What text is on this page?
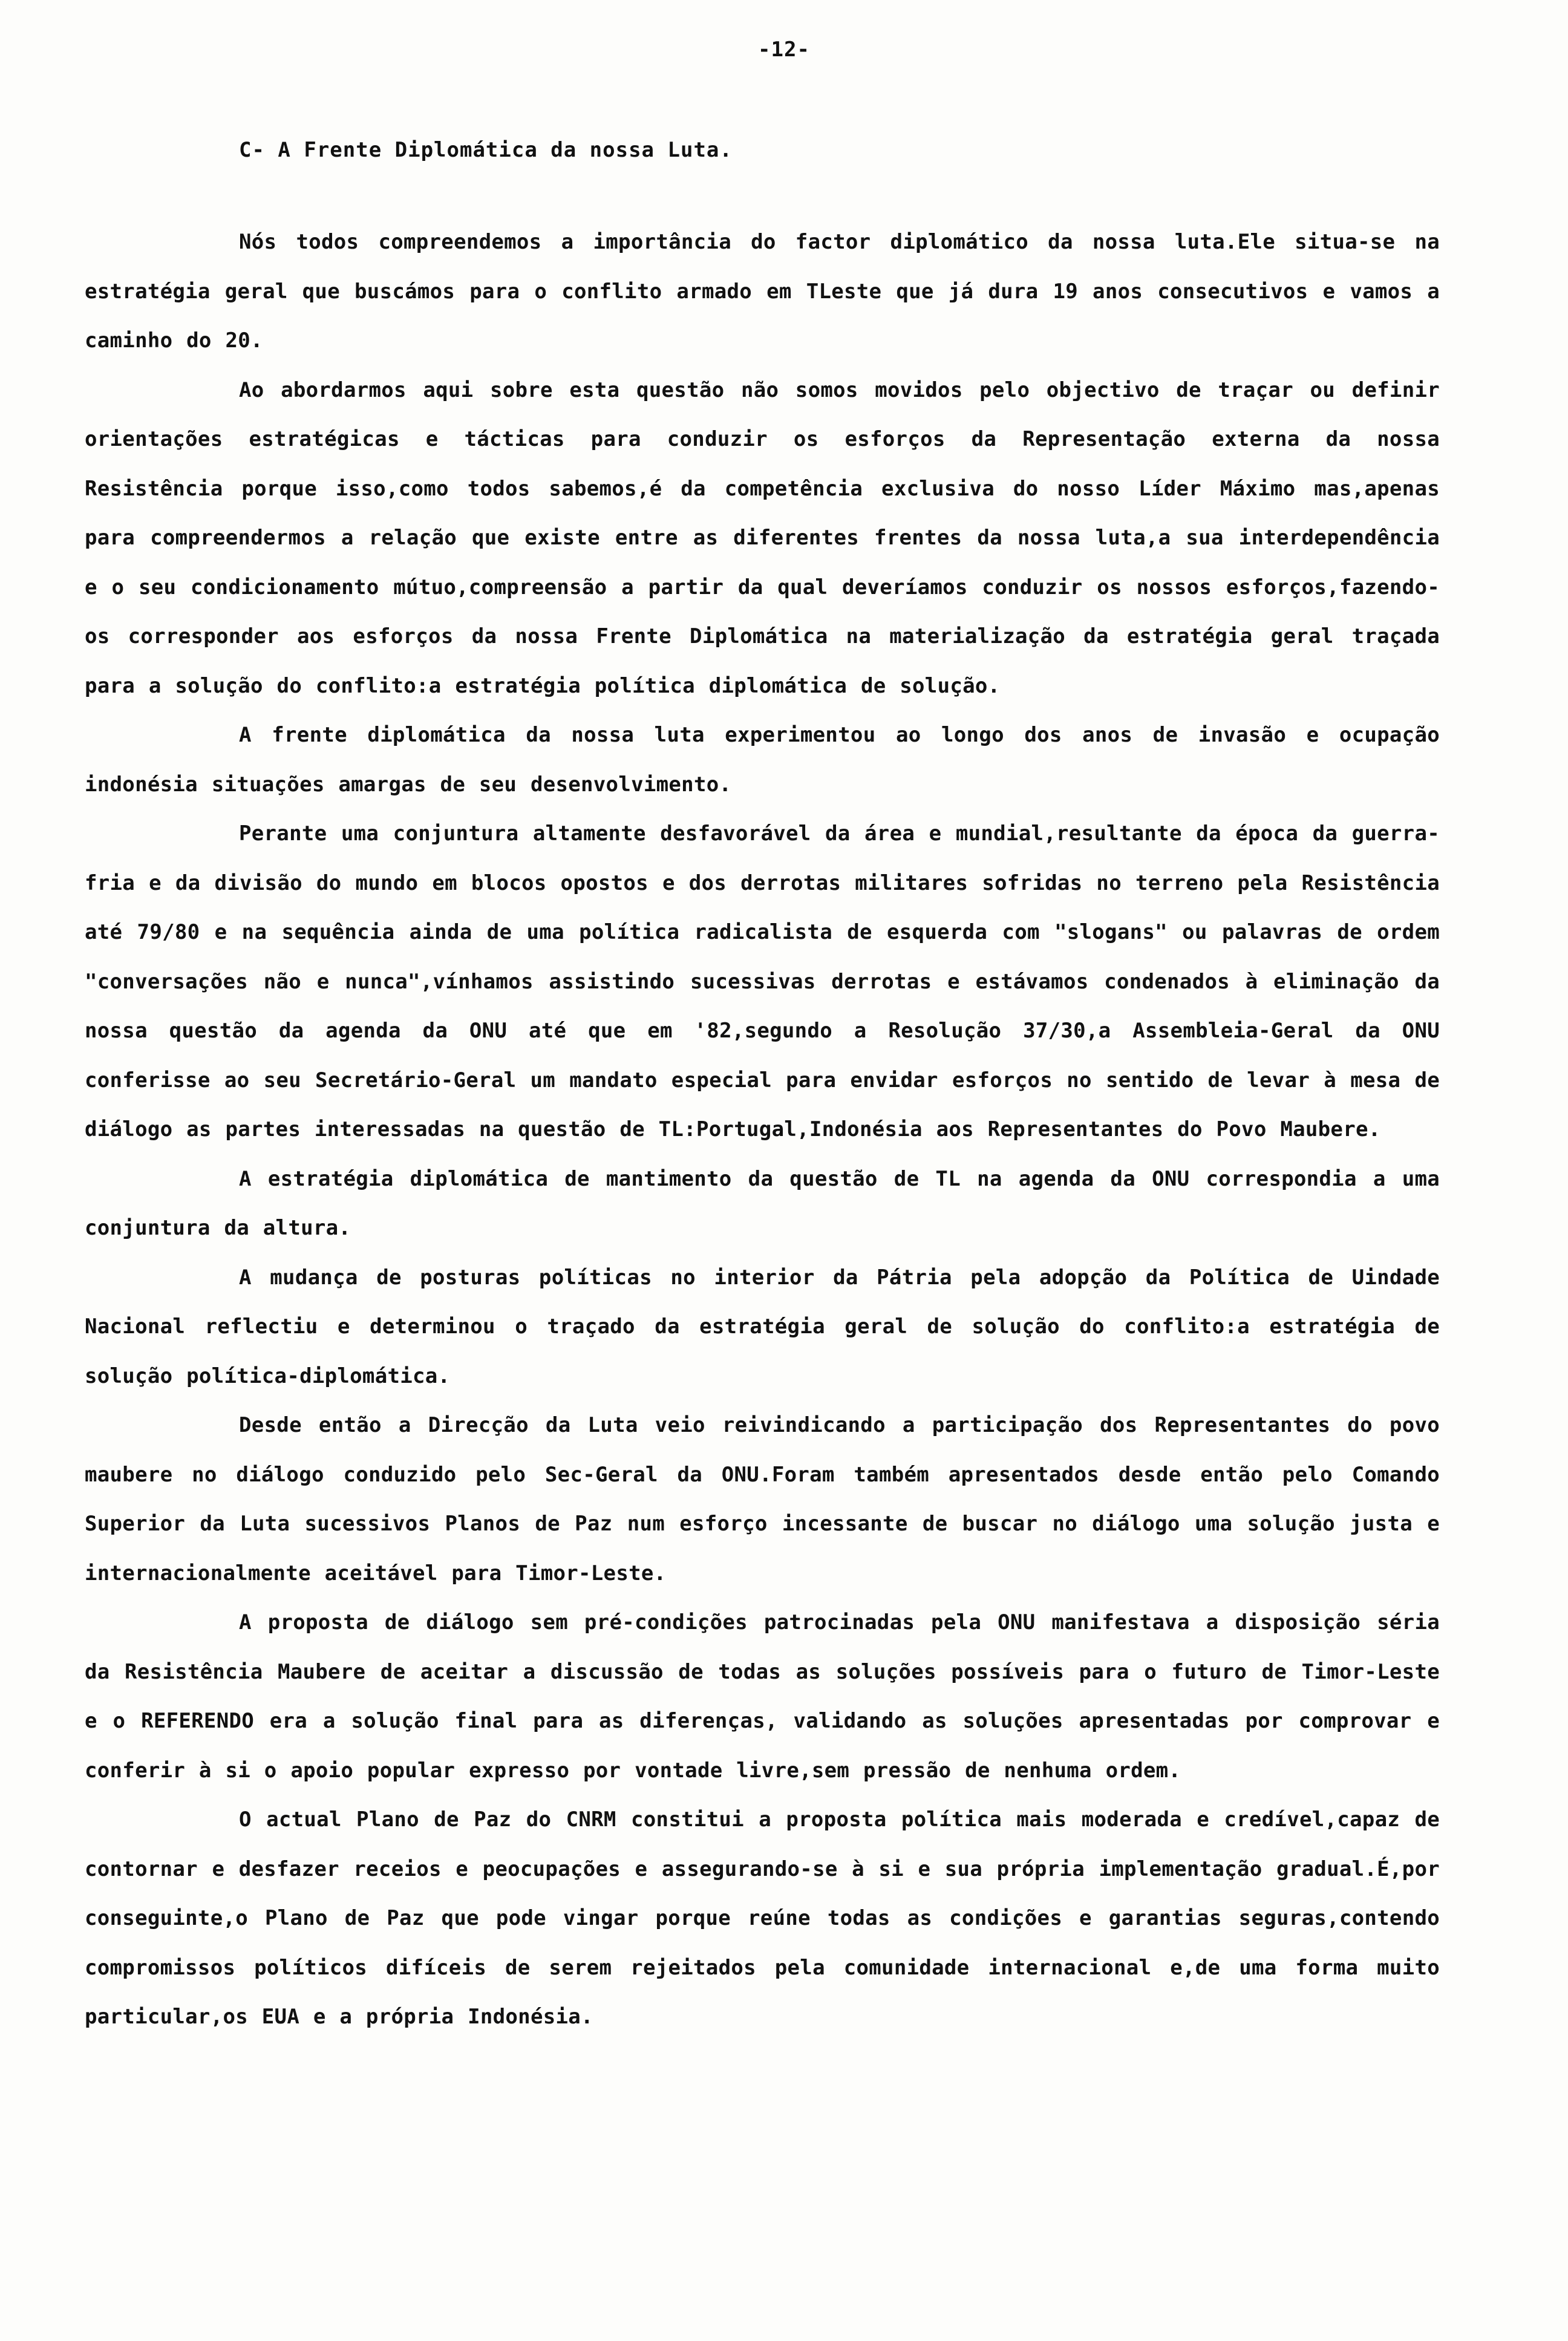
-12-
C- A Frente Diplomática da nossa Luta.

Nós todos compreendemos a importância do factor diplomático da nossa luta.Ele situa-se na estratégia geral que buscámos para o conflito armado em TLeste que já dura 19 anos consecutivos e vamos a caminho do 20.

Ao abordarmos aqui sobre esta questão não somos movidos pelo objectivo de traçar ou definir orientações estratégicas e tácticas para conduzir os esforços da Representação externa da nossa Resistência porque isso,como todos sabemos,é da competência exclusiva do nosso Líder Máximo mas,apenas para compreendermos a relação que existe entre as diferentes frentes da nossa luta,a sua interdependência e o seu condicionamento mútuo,compreensão a partir da qual deveríamos conduzir os nossos esforços,fazendo-os corresponder aos esforços da nossa Frente Diplomática na materialização da estratégia geral traçada para a solução do conflito:a estratégia política diplomática de solução.

A frente diplomática da nossa luta experimentou ao longo dos anos de invasão e ocupação indonésia situações amargas de seu desenvolvimento.

Perante uma conjuntura altamente desfavorável da área e mundial,resultante da época da guerra-fria e da divisão do mundo em blocos opostos e dos derrotas militares sofridas no terreno pela Resistência até 79/80 e na sequência ainda de uma política radicalista de esquerda com "slogans" ou palavras de ordem "conversações não e nunca",vínhamos assistindo sucessivas derrotas e estávamos condenados à eliminação da nossa questão da agenda da ONU até que em '82,segundo a Resolução 37/30,a Assembleia-Geral da ONU conferisse ao seu Secretário-Geral um mandato especial para envidar esforços no sentido de levar à mesa de diálogo as partes interessadas na questão de TL:Portugal,Indonésia aos Representantes do Povo Maubere.

A estratégia diplomática de mantimento da questão de TL na agenda da ONU correspondia a uma conjuntura da altura.

A mudança de posturas políticas no interior da Pátria pela adopção da Política de Uindade Nacional reflectiu e determinou o traçado da estratégia geral de solução do conflito:a estratégia de solução política-diplomática.

Desde então a Direcção da Luta veio reivindicando a participação dos Representantes do povo maubere no diálogo conduzido pelo Sec-Geral da ONU.Foram também apresentados desde então pelo Comando Superior da Luta sucessivos Planos de Paz num esforço incessante de buscar no diálogo uma solução justa e internacionalmente aceitável para Timor-Leste.

A proposta de diálogo sem pré-condições patrocinadas pela ONU manifestava a disposição séria da Resistência Maubere de aceitar a discussão de todas as soluções possíveis para o futuro de Timor-Leste e o REFERENDO era a solução final para as diferenças, validando as soluções apresentadas por comprovar e conferir à si o apoio popular expresso por vontade livre,sem pressão de nenhuma ordem.

O actual Plano de Paz do CNRM constitui a proposta política mais moderada e credível,capaz de contornar e desfazer receios e peocupações e assegurando-se à si e sua própria implementação gradual.É,por conseguinte,o Plano de Paz que pode vingar porque reúne todas as condições e garantias seguras,contendo compromissos políticos difíceis de serem rejeitados pela comunidade internacional e,de uma forma muito particular,os EUA e a própria Indonésia.
